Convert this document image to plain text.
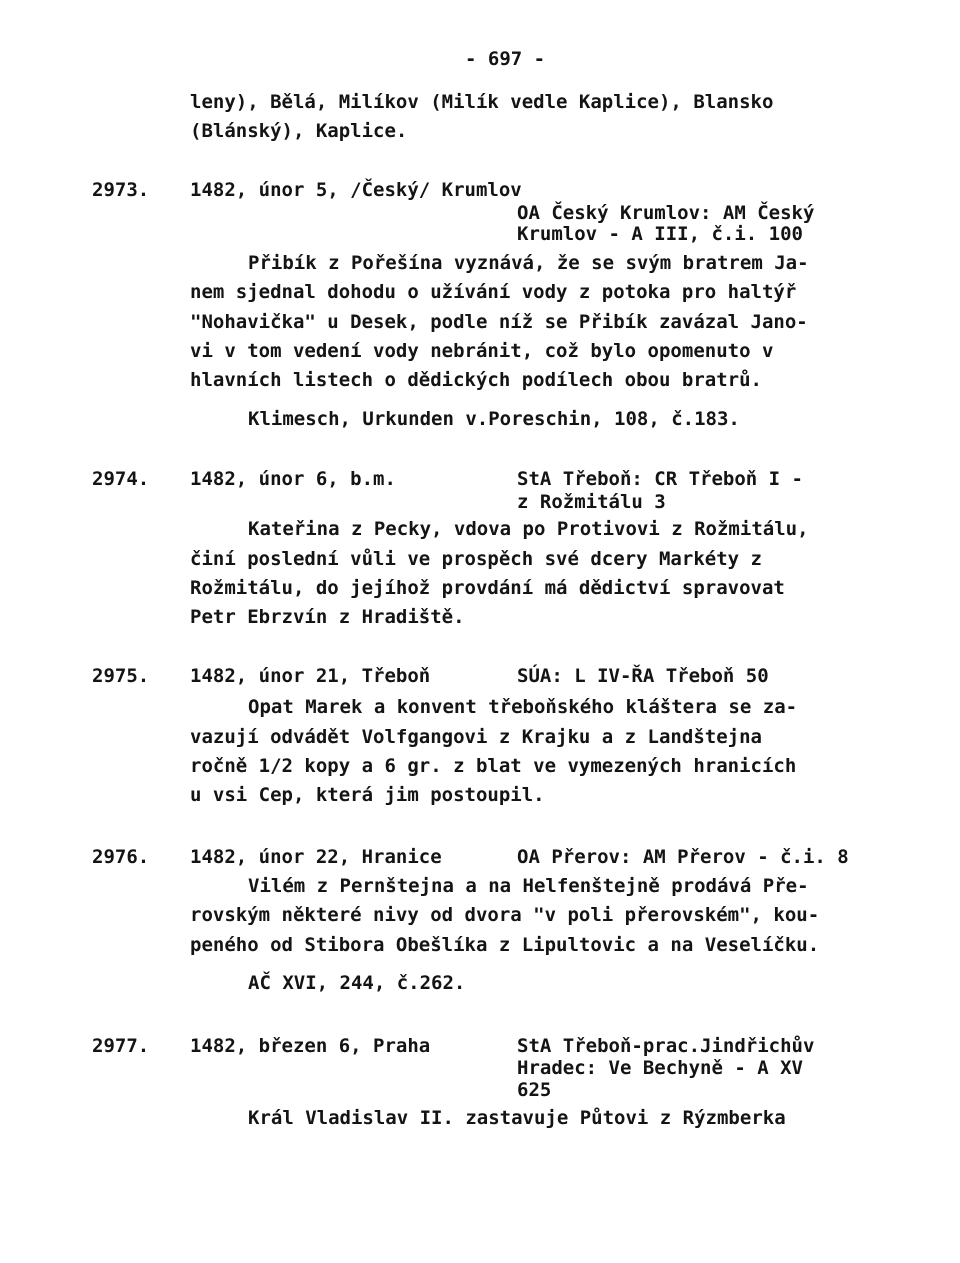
- 697 -
leny), Bělá, Milíkov (Milík vedle Kaplice), Blansko
(Blánský), Kaplice.
2973. 1482, únor 5, /Český/ Krumlov
OA Český Krumlov: AM Český
Krumlov - A III, č.i. 100
Přibík z Pořešína vyznává, že se svým bratrem Ja-
nem sjednal dohodu o užívání vody z potoka pro haltýř
"Nohavička" u Desek, podle níž se Přibík zavázal Jano-
vi v tom vedení vody nebránit, což bylo opomenuto v
hlavních listech o dědických podílech obou bratrů.
Klimesch, Urkunden v.Poreschin, 108, č.183.
2974. 1482, únor 6, b.m.	StA Třeboň: CR Třeboň I -
z Rožmitálu 3
Kateřina z Pecky, vdova po Protivovi z Rožmitálu,
činí poslední vůli ve prospěch své dcery Markéty z
Rožmitálu, do jejíhož provdání má dědictví spravovat
Petr Ebrzvín z Hradiště.
2975. 1482, únor 21, Třeboň	SÚA: L IV-ŘA Třeboň 50
Opat Marek a konvent třeboňského kláštera se za-
vazují odvádět Volfgangovi z Krajku a z Landštejna
ročně 1/2 kopy a 6 gr. z blat ve vymezených hranicích
u vsi Cep, která jim postoupil.
2976. 1482, únor 22, Hranice	OA Přerov: AM Přerov - č.i. 8
Vilém z Pernštejna a na Helfenštejně prodává Pře-
rovským některé nivy od dvora "v poli přerovském", kou-
peného od Stibora Obešlíka z Lipultovic a na Veselíčku.
AČ XVI, 244, č.262.
2977. 1482, březen 6, Praha	StA Třeboň-prac.Jindřichův
Hradec: Ve Bechyně - A XV
625
Král Vladislav II. zastavuje Půtovi z Rýzmberka
